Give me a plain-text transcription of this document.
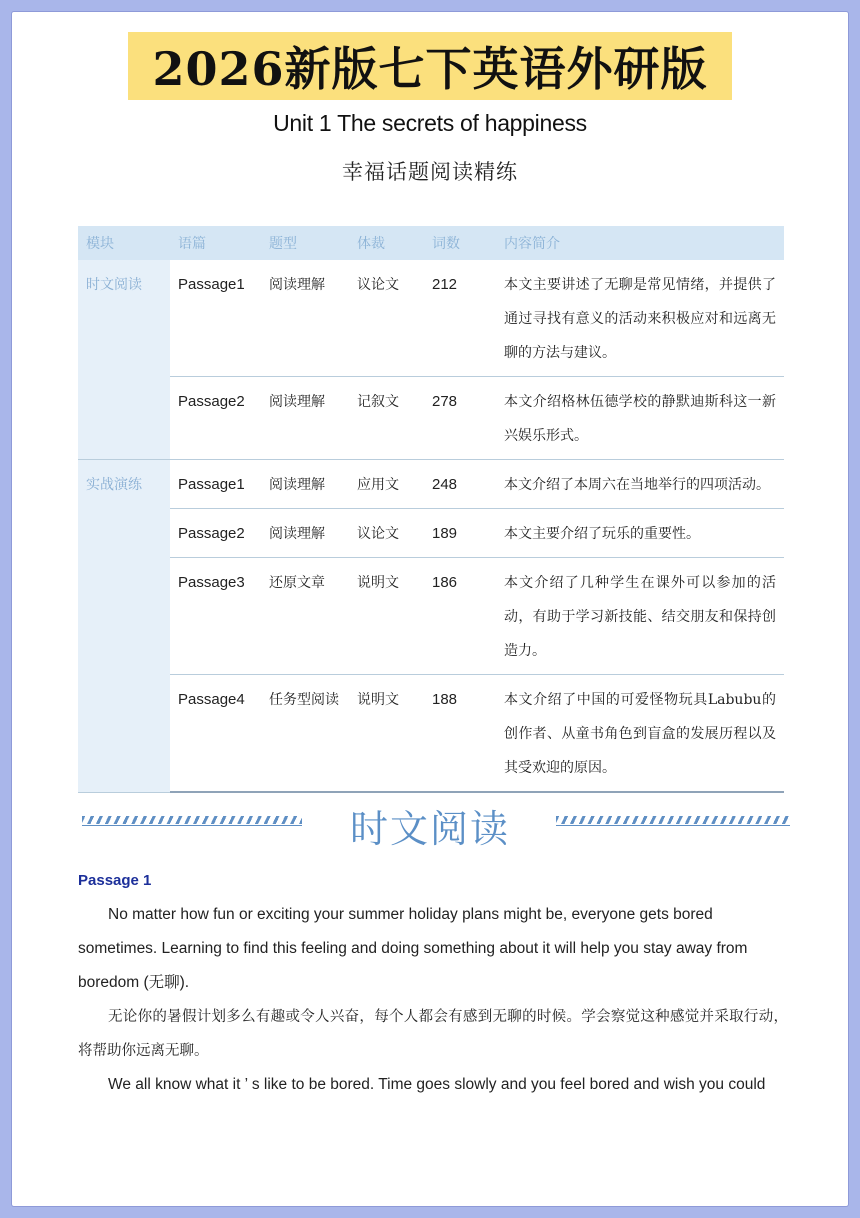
2026新版七下英语外研版
Unit 1 The secrets of happiness
幸福话题阅读精练
模块	语篇	题型	体裁	词数	内容简介
时文阅读	Passage1	阅读理解	议论文	212	本文主要讲述了无聊是常见情绪，并提供了通过寻找有意义的活动来积极应对和远离无聊的方法与建议。
	Passage2	阅读理解	记叙文	278	本文介绍格林伍德学校的静默迪斯科这一新兴娱乐形式。
实战演练	Passage1	阅读理解	应用文	248	本文介绍了本周六在当地举行的四项活动。
	Passage2	阅读理解	议论文	189	本文主要介绍了玩乐的重要性。
	Passage3	还原文章	说明文	186	本文介绍了几种学生在课外可以参加的活动，有助于学习新技能、结交朋友和保持创造力。
	Passage4	任务型阅读	说明文	188	本文介绍了中国的可爱怪物玩具Labubu的创作者、从童书角色到盲盒的发展历程以及其受欢迎的原因。
时文阅读
Passage 1

No matter how fun or exciting your summer holiday plans might be, everyone gets bored sometimes. Learning to find this feeling and doing something about it will help you stay away from boredom (无聊).

无论你的暑假计划多么有趣或令人兴奋，每个人都会有感到无聊的时候。学会察觉这种感觉并采取行动，将帮助你远离无聊。

We all know what it ’ s like to be bored. Time goes slowly and you feel bored and wish you could
